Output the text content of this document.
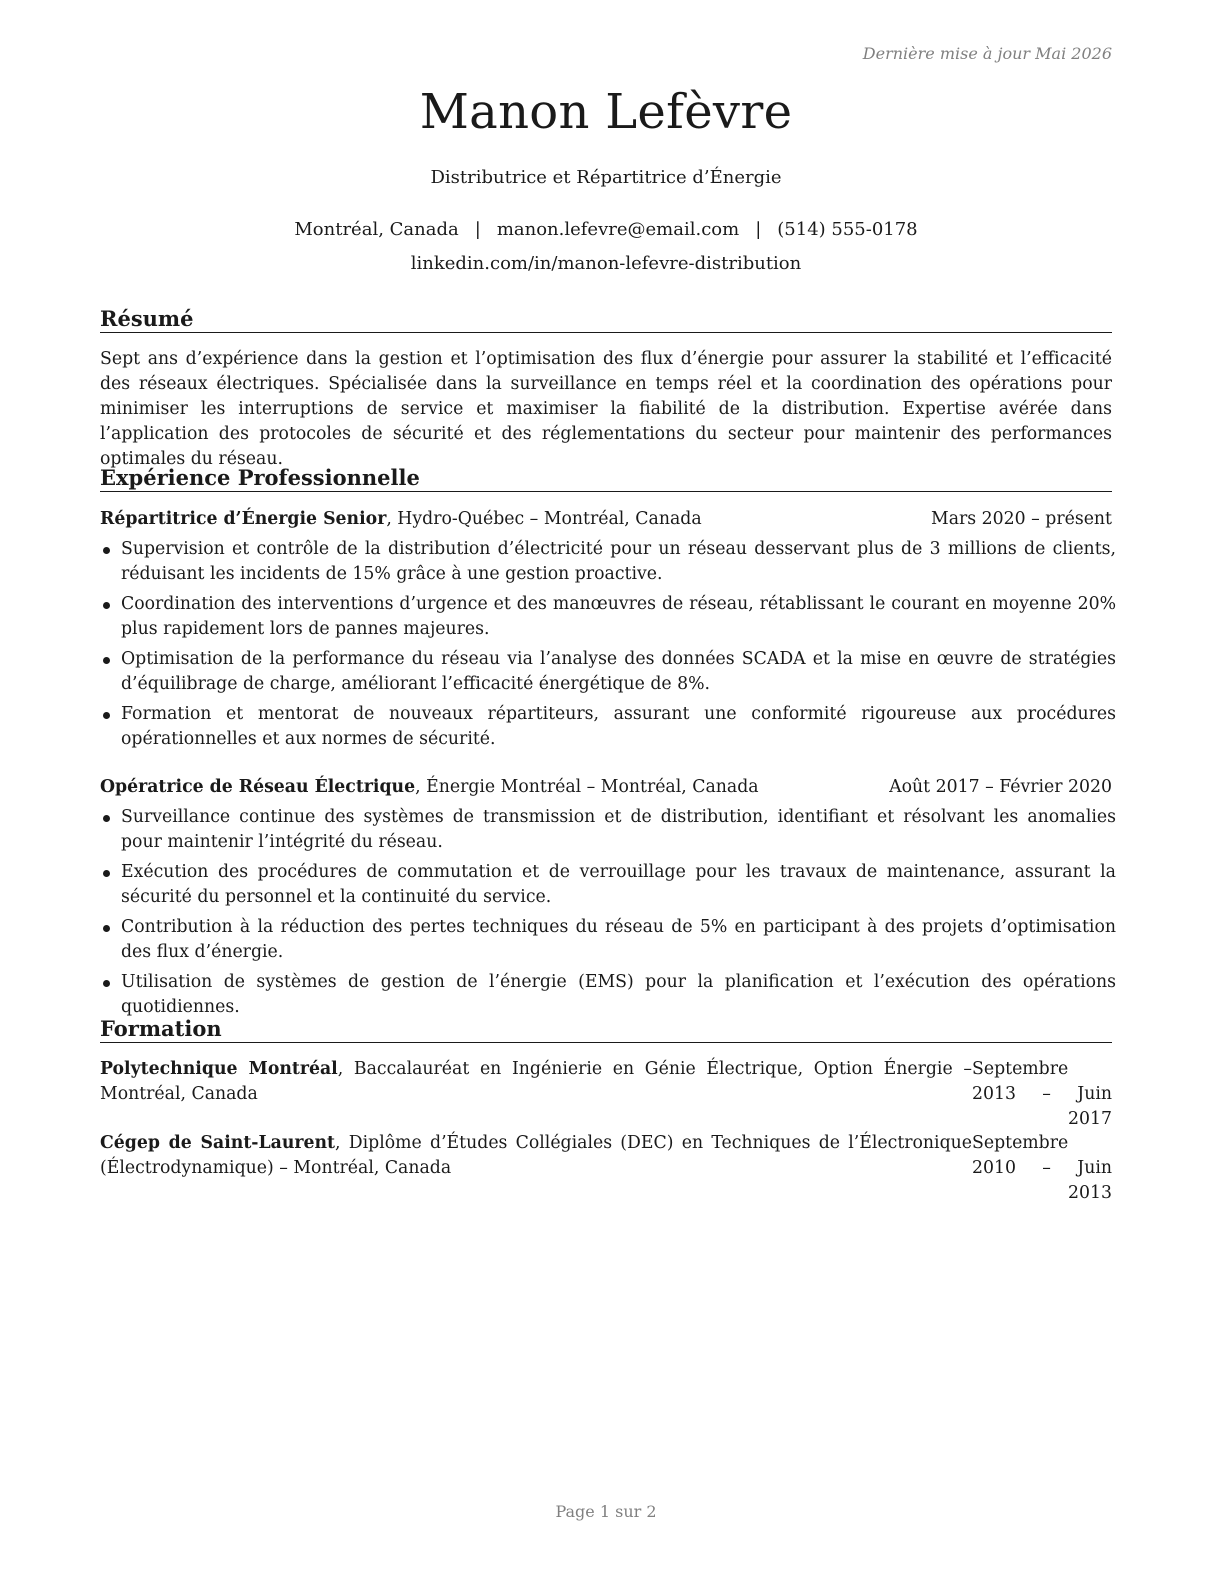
Dernière mise à jour Mai 2026
Manon Lefèvre
Distributrice et Répartitrice d’Énergie
Montréal, Canada | manon.lefevre@email.com | (514) 555-0178
linkedin.com/in/manon-lefevre-distribution
Résumé
Sept ans d’expérience dans la gestion et l’optimisation des flux d’énergie pour assurer la stabilité et l’efficacité des réseaux électriques. Spécialisée dans la surveillance en temps réel et la coordination des opérations pour minimiser les interruptions de service et maximiser la fiabilité de la distribution. Expertise avérée dans l’application des protocoles de sécurité et des réglementations du secteur pour maintenir des performances optimales du réseau.
Expérience Professionnelle
Répartitrice d’Énergie Senior, Hydro-Québec – Montréal, Canada	Mars 2020 – présent
Supervision et contrôle de la distribution d’électricité pour un réseau desservant plus de 3 millions de clients, réduisant les incidents de 15% grâce à une gestion proactive.
Coordination des interventions d’urgence et des manœuvres de réseau, rétablissant le courant en moyenne 20% plus rapidement lors de pannes majeures.
Optimisation de la performance du réseau via l’analyse des données SCADA et la mise en œuvre de stratégies d’équilibrage de charge, améliorant l’efficacité énergétique de 8%.
Formation et mentorat de nouveaux répartiteurs, assurant une conformité rigoureuse aux procédures opérationnelles et aux normes de sécurité.
Opératrice de Réseau Électrique, Énergie Montréal – Montréal, Canada	Août 2017 – Février 2020
Surveillance continue des systèmes de transmission et de distribution, identifiant et résolvant les anomalies pour maintenir l’intégrité du réseau.
Exécution des procédures de commutation et de verrouillage pour les travaux de maintenance, assurant la sécurité du personnel et la continuité du service.
Contribution à la réduction des pertes techniques du réseau de 5% en participant à des projets d’optimisation des flux d’énergie.
Utilisation de systèmes de gestion de l’énergie (EMS) pour la planification et l’exécution des opérations quotidiennes.
Formation
Polytechnique Montréal, Baccalauréat en Ingénierie en Génie Électrique, Option Énergie – Montréal, Canada
Septembre 2013 – Juin 2017
Cégep de Saint-Laurent, Diplôme d’Études Collégiales (DEC) en Techniques de l’Électronique (Électrodynamique) – Montréal, Canada
Septembre 2010 – Juin 2013
Page 1 sur 2
